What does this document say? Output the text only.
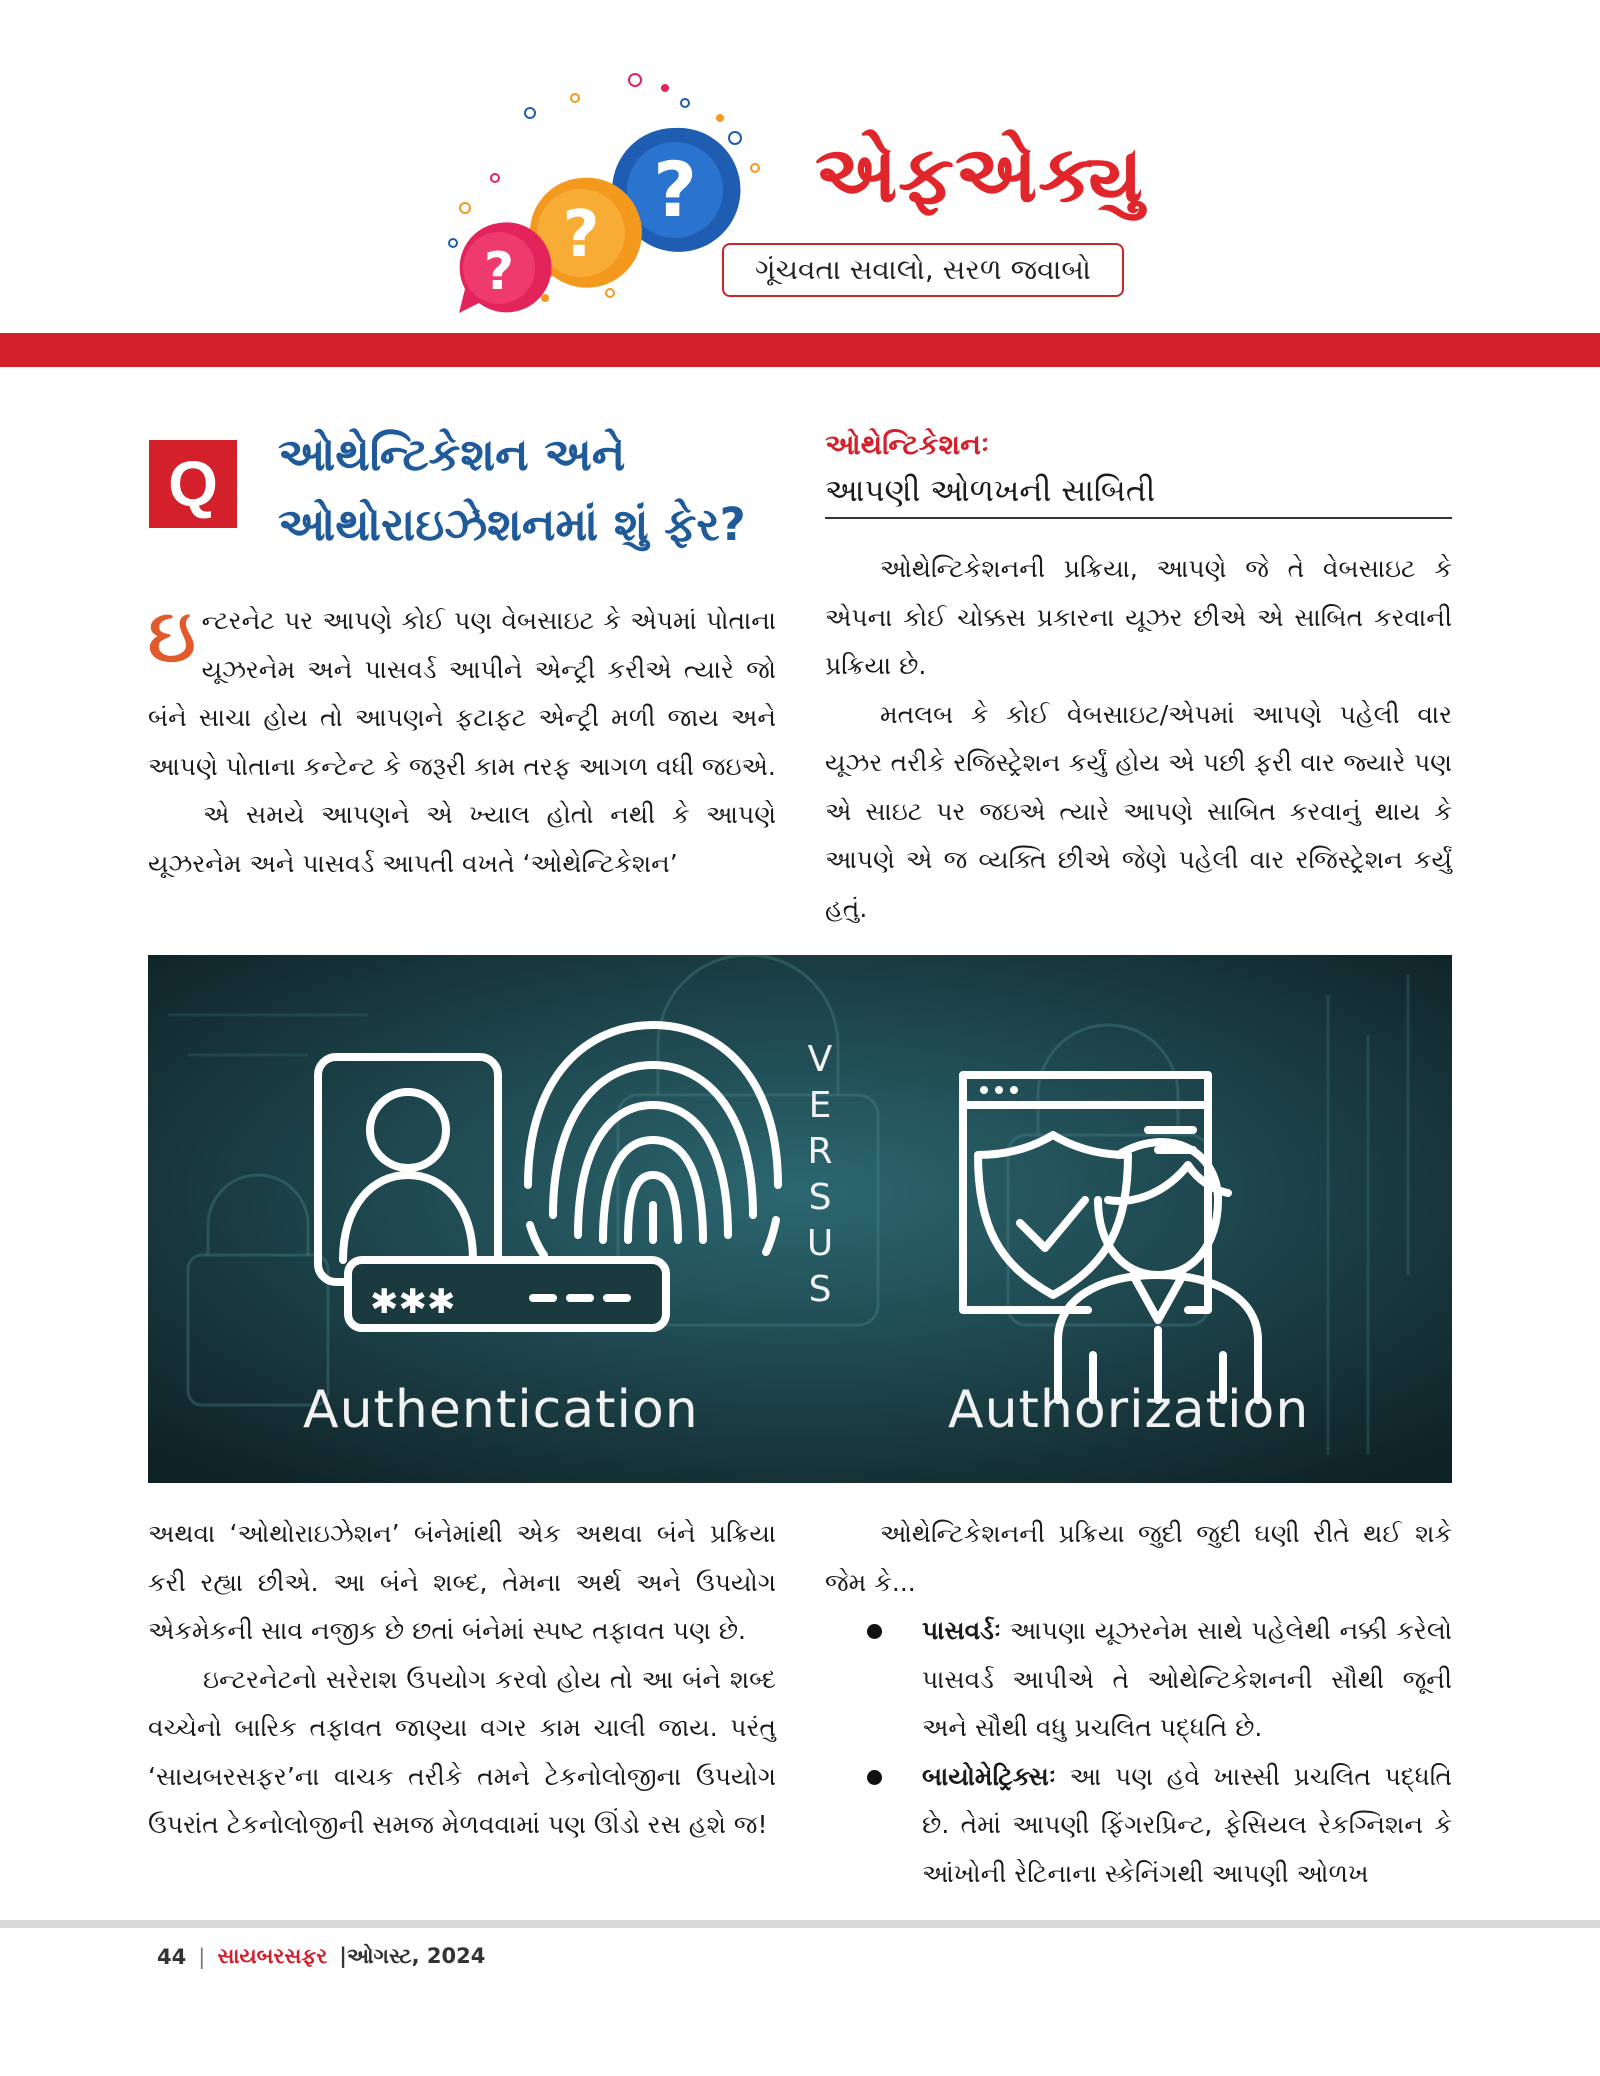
?
?
?
એફએક્યુ
ગૂંચવતા સવાલો, સરળ જવાબો
Q	ઓથેન્ટિકેશન અને
ઓથોરાઇઝેશનમાં શું ફેર?

ઇન્ટરનેટ પર આપણે કોઈ પણ વેબસાઇટ કે એપમાં પોતાના યૂઝરનેમ અને પાસવર્ડ આપીને એન્ટ્રી કરીએ ત્યારે જો બંને સાચા હોય તો આપણને ફટાફટ એન્ટ્રી મળી જાય અને આપણે પોતાના કન્ટેન્ટ કે જરૂરી કામ તરફ આગળ વધી જઇએ.

એ સમયે આપણને એ ખ્યાલ હોતો નથી કે આપણે યૂઝરનેમ અને પાસવર્ડ આપતી વખતે ‘ઓથેન્ટિકેશન’

ઓથેન્ટિકેશનઃ
આપણી ઓળખની સાબિતી

ઓથેન્ટિકેશનની પ્રક્રિયા, આપણે જે તે વેબસાઇટ કે એપના કોઈ ચોક્કસ પ્રકારના યૂઝર છીએ એ સાબિત કરવાની પ્રક્રિયા છે.

મતલબ કે કોઈ વેબસાઇટ/એપમાં આપણે પહેલી વાર યૂઝર તરીકે રજિસ્ટ્રેશન કર્યું હોય એ પછી ફરી વાર જ્યારે પણ એ સાઇટ પર જઇએ ત્યારે આપણે સાબિત કરવાનું થાય કે આપણે એ જ વ્યક્તિ છીએ જેણે પહેલી વાર રજિસ્ટ્રેશન કર્યું હતું.

✱✱✱
V
E
R
S
U
S
Authentication	Authorization

અથવા ‘ઓથોરાઇઝેશન’ બંનેમાંથી એક અથવા બંને પ્રક્રિયા કરી રહ્યા છીએ. આ બંને શબ્દ, તેમના અર્થ અને ઉપયોગ એકમેકની સાવ નજીક છે છતાં બંનેમાં સ્પષ્ટ તફાવત પણ છે.

ઇન્ટરનેટનો સરેરાશ ઉપયોગ કરવો હોય તો આ બંને શબ્દ વચ્ચેનો બારિક તફાવત જાણ્યા વગર કામ ચાલી જાય. પરંતુ ‘સાયબરસફર’ના વાચક તરીકે તમને ટેકનોલોજીના ઉપયોગ ઉપરાંત ટેકનોલોજીની સમજ મેળવવામાં પણ ઊંડો રસ હશે જ!

ઓથેન્ટિકેશનની પ્રક્રિયા જુદી જુદી ઘણી રીતે થઈ શકે જેમ કે...

પાસવર્ડઃ આપણા યૂઝરનેમ સાથે પહેલેથી નક્કી કરેલો પાસવર્ડ આપીએ તે ઓથેન્ટિકેશનની સૌથી જૂની અને સૌથી વધુ પ્રચલિત પદ્ધતિ છે.
બાયોમેટ્રિક્સઃ આ પણ હવે ખાસ્સી પ્રચલિત પદ્ધતિ છે. તેમાં આપણી ફિંગરપ્રિન્ટ, ફેસિયલ રેકગ્નિશન કે આંખોની રેટિનાના સ્કેનિંગથી આપણી ઓળખ
44 | સાયબરસફર |ઓગસ્ટ, 2024
